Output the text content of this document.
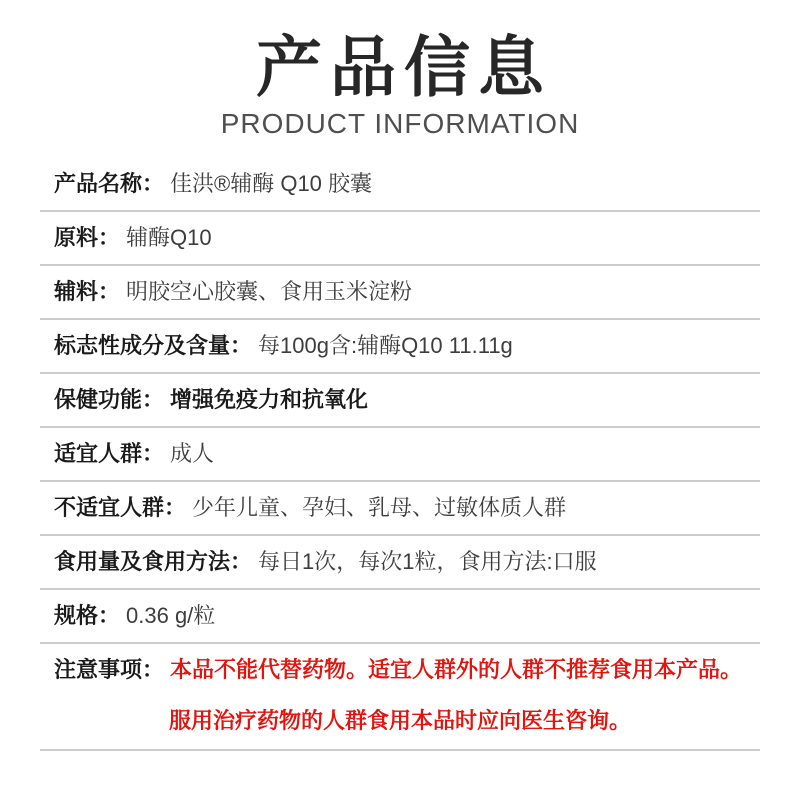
产品信息
PRODUCT INFORMATION
产品名称： 佳洪®辅酶 Q10 胶囊
原料： 辅酶Q10
辅料： 明胶空心胶囊、食用玉米淀粉
标志性成分及含量： 每100g含:辅酶Q10 11.11g
保健功能： 增强免疫力和抗氧化
适宜人群： 成人
不适宜人群： 少年儿童、孕妇、乳母、过敏体质人群
食用量及食用方法： 每日1次，每次1粒，食用方法:口服
规格： 0.36 g/粒
注意事项： 本品不能代替药物。适宜人群外的人群不推荐食用本产品。
服用治疗药物的人群食用本品时应向医生咨询。
